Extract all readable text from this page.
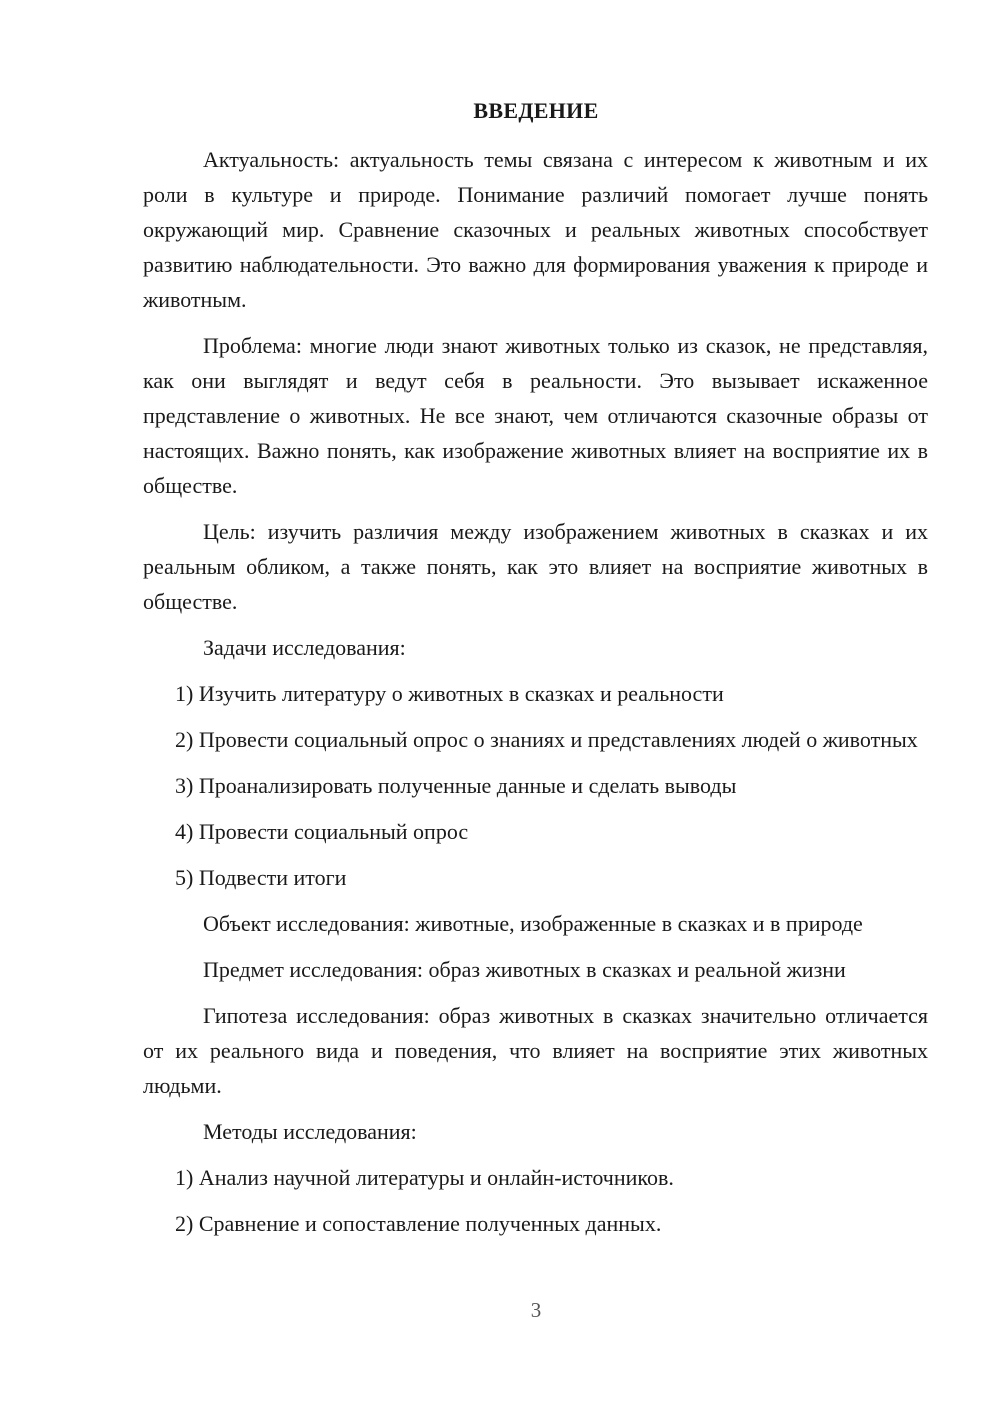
ВВЕДЕНИЕ

Актуальность: актуальность темы связана с интересом к животным и их роли в культуре и природе. Понимание различий помогает лучше понять окружающий мир. Сравнение сказочных и реальных животных способствует развитию наблюдательности. Это важно для формирования уважения к природе и животным.

Проблема: многие люди знают животных только из сказок, не представляя, как они выглядят и ведут себя в реальности. Это вызывает искаженное представление о животных. Не все знают, чем отличаются сказочные образы от настоящих. Важно понять, как изображение животных влияет на восприятие их в обществе.

Цель: изучить различия между изображением животных в сказках и их реальным обликом, а также понять, как это влияет на восприятие животных в обществе.

Задачи исследования:

1) Изучить литературу о животных в сказках и реальности

2) Провести социальный опрос о знаниях и представлениях людей о животных

3) Проанализировать полученные данные и сделать выводы

4) Провести социальный опрос

5) Подвести итоги

Объект исследования: животные, изображенные в сказках и в природе

Предмет исследования: образ животных в сказках и реальной жизни

Гипотеза исследования: образ животных в сказках значительно отличается от их реального вида и поведения, что влияет на восприятие этих животных людьми.

Методы исследования:

1) Анализ научной литературы и онлайн-источников.

2) Сравнение и сопоставление полученных данных.

3
